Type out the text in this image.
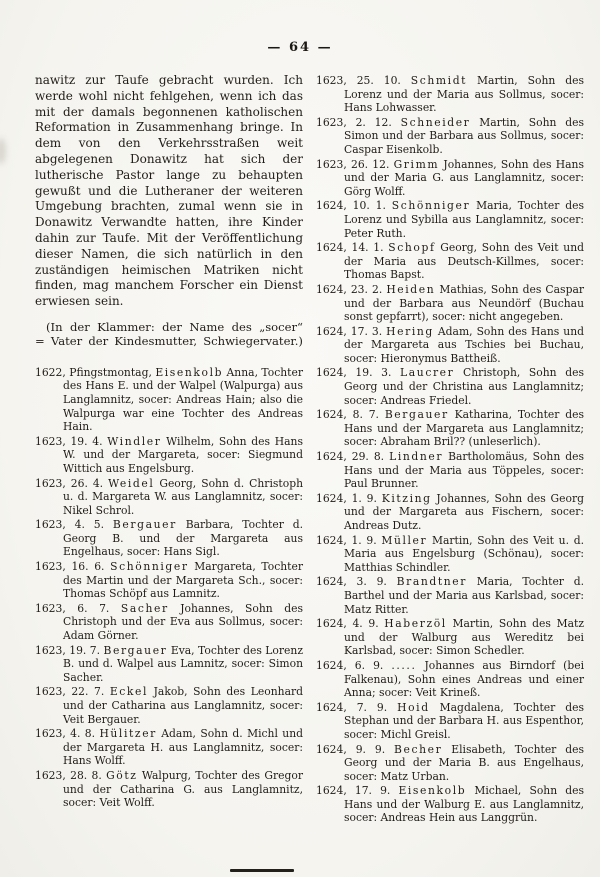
— 64 —

nawitz zur Taufe gebracht wurden. Ich werde wohl nicht fehlgehen, wenn ich das mit der damals begonnenen katholischen Reformation in Zusammenhang bringe. In dem von den Verkehrsstraßen weit abgelegenen Donawitz hat sich der lutherische Pastor lange zu behaupten gewußt und die Lutheraner der weiteren Umgebung brachten, zumal wenn sie in Donawitz Verwandte hatten, ihre Kinder dahin zur Taufe. Mit der Veröffentlichung dieser Namen, die sich natürlich in den zuständigen heimischen Matriken nicht finden, mag manchem Forscher ein Dienst erwiesen sein.

(In der Klammer: der Name des „socer“ = Vater der Kindesmutter, Schwiegervater.)

1622, Pfingstmontag, Eisenkolb Anna, Tochter des Hans E. und der Walpel (Walpurga) aus Langlamnitz, socer: Andreas Hain; also die Walpurga war eine Tochter des Andreas Hain.

1623, 19. 4. Windler Wilhelm, Sohn des Hans W. und der Margareta, socer: Siegmund Wittich aus Engelsburg.

1623, 26. 4. Weidel Georg, Sohn d. Christoph u. d. Margareta W. aus Langlamnitz, socer: Nikel Schrol.

1623, 4. 5. Bergauer Barbara, Tochter d. Georg B. und der Margareta aus Engelhaus, socer: Hans Sigl.

1623, 16. 6. Schönniger Margareta, Tochter des Martin und der Margareta Sch., socer: Thomas Schöpf aus Lamnitz.

1623, 6. 7. Sacher Johannes, Sohn des Christoph und der Eva aus Sollmus, socer: Adam Görner.

1623, 19. 7. Bergauer Eva, Tochter des Lorenz B. und d. Walpel aus Lamnitz, socer: Simon Sacher.

1623, 22. 7. Eckel Jakob, Sohn des Leonhard und der Catharina aus Langlamnitz, socer: Veit Bergauer.

1623, 4. 8. Hülitzer Adam, Sohn d. Michl und der Margareta H. aus Langlamnitz, socer: Hans Wolff.

1623, 28. 8. Götz Walpurg, Tochter des Gregor und der Catharina G. aus Langlamnitz, socer: Veit Wolff.

1623, 25. 10. Schmidt Martin, Sohn des Lorenz und der Maria aus Sollmus, socer: Hans Lohwasser.

1623, 2. 12. Schneider Martin, Sohn des Simon und der Barbara aus Sollmus, socer: Caspar Eisenkolb.

1623, 26. 12. Grimm Johannes, Sohn des Hans und der Maria G. aus Langlamnitz, socer: Görg Wolff.

1624, 10. 1. Schönniger Maria, Tochter des Lorenz und Sybilla aus Langlamnitz, socer: Peter Ruth.

1624, 14. 1. Schopf Georg, Sohn des Veit und der Maria aus Deutsch-Killmes, socer: Thomas Bapst.

1624, 23. 2. Heiden Mathias, Sohn des Caspar und der Barbara aus Neundörf (Buchau sonst gepfarrt), socer: nicht angegeben.

1624, 17. 3. Hering Adam, Sohn des Hans und der Margareta aus Tschies bei Buchau, socer: Hieronymus Battheiß.

1624, 19. 3. Laucrer Christoph, Sohn des Georg und der Christina aus Langlamnitz; socer: Andreas Friedel.

1624, 8. 7. Bergauer Katharina, Tochter des Hans und der Margareta aus Langlamnitz; socer: Abraham Bril?? (unleserlich).

1624, 29. 8. Lindner Bartholomäus, Sohn des Hans und der Maria aus Töppeles, socer: Paul Brunner.

1624, 1. 9. Kitzing Johannes, Sohn des Georg und der Margareta aus Fischern, socer: Andreas Dutz.

1624, 1. 9. Müller Martin, Sohn des Veit u. d. Maria aus Engelsburg (Schönau), socer: Matthias Schindler.

1624, 3. 9. Brandtner Maria, Tochter d. Barthel und der Maria aus Karlsbad, socer: Matz Ritter.

1624, 4. 9. Haberzöl Martin, Sohn des Matz und der Walburg aus Wereditz bei Karlsbad, socer: Simon Schedler.

1624, 6. 9. ..... Johannes aus Birndorf (bei Falkenau), Sohn eines Andreas und einer Anna; socer: Veit Krineß.

1624, 7. 9. Hoid Magdalena, Tochter des Stephan und der Barbara H. aus Espenthor, socer: Michl Greisl.

1624, 9. 9. Becher Elisabeth, Tochter des Georg und der Maria B. aus Engelhaus, socer: Matz Urban.

1624, 17. 9. Eisenkolb Michael, Sohn des Hans und der Walburg E. aus Langlamnitz, socer: Andreas Hein aus Langgrün.
